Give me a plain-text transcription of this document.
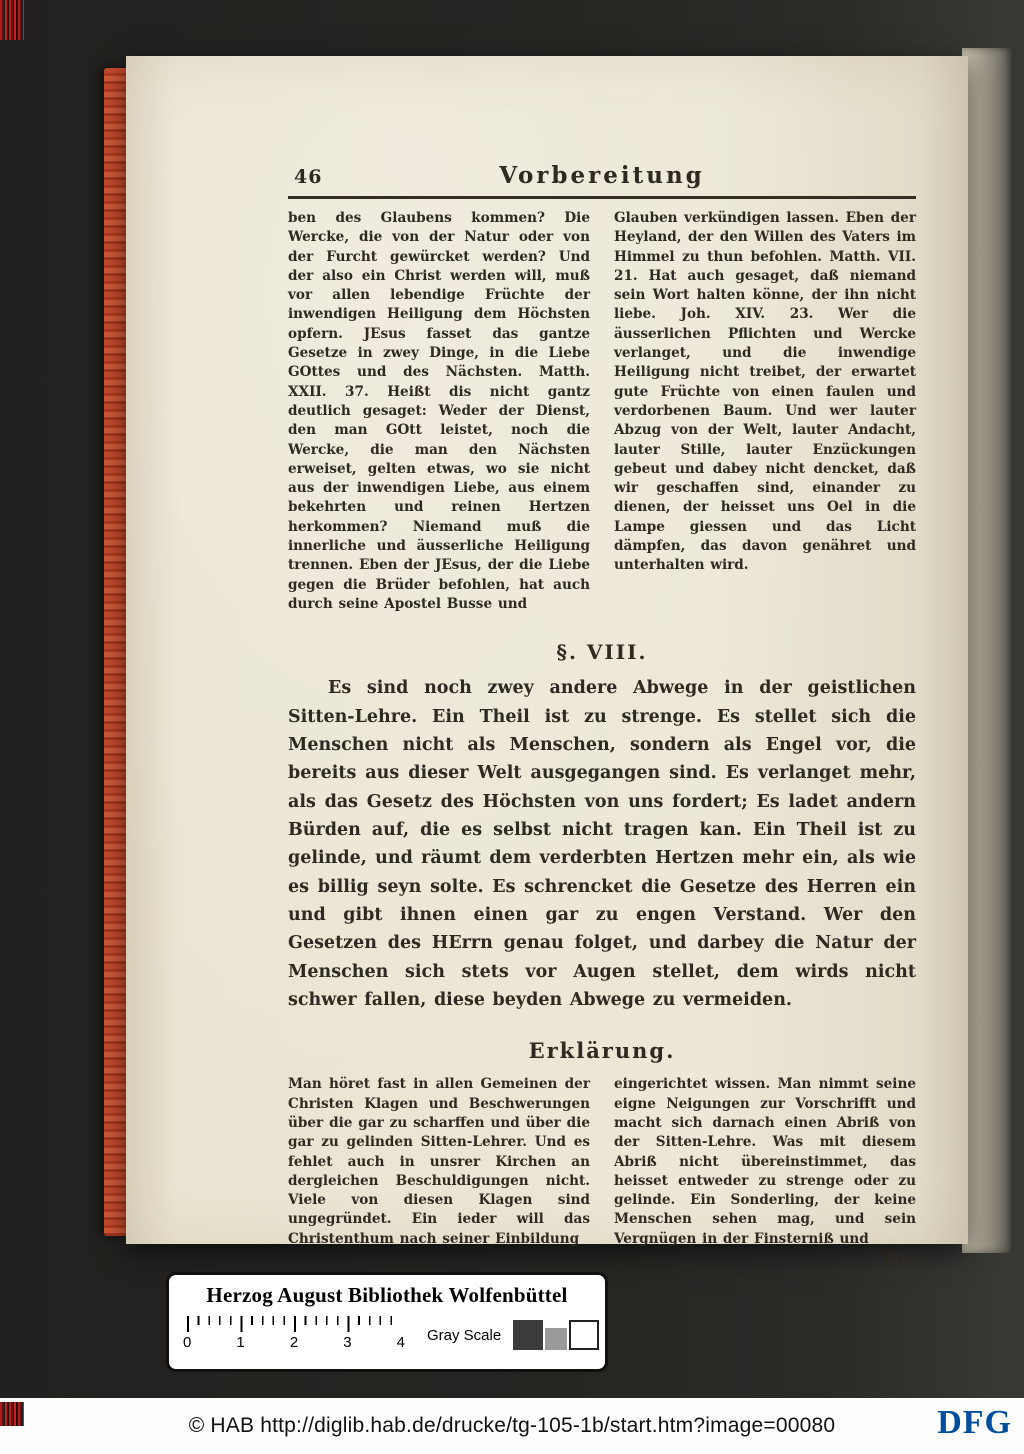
46	Vorbereitung
ben des Glaubens kommen? Die Wercke, die von der Natur oder von der Furcht gewürcket werden? Und der also ein Christ werden will, muß vor allen lebendige Früchte der inwendigen Heiligung dem Höchsten opfern. JEsus fasset das gantze Gesetze in zwey Dinge, in die Liebe GOttes und des Nächsten. Matth. XXII. 37. Heißt dis nicht gantz deutlich gesaget: Weder der Dienst, den man GOtt leistet, noch die Wercke, die man den Nächsten erweiset, gelten etwas, wo sie nicht aus der inwendigen Liebe, aus einem bekehrten und reinen Hertzen herkommen? Niemand muß die innerliche und äusserliche Heiligung trennen. Eben der JEsus, der die Liebe gegen die Brüder befohlen, hat auch durch seine Apostel Busse und
Glauben verkündigen lassen. Eben der Heyland, der den Willen des Vaters im Himmel zu thun befohlen. Matth. VII. 21. Hat auch gesaget, daß niemand sein Wort halten könne, der ihn nicht liebe. Joh. XIV. 23. Wer die äusserlichen Pflichten und Wercke verlanget, und die inwendige Heiligung nicht treibet, der erwartet gute Früchte von einen faulen und verdorbenen Baum. Und wer lauter Abzug von der Welt, lauter Andacht, lauter Stille, lauter Enzückungen gebeut und dabey nicht dencket, daß wir geschaffen sind, einander zu dienen, der heisset uns Oel in die Lampe giessen und das Licht dämpfen, das davon genähret und unterhalten wird.
§. VIII.
Es sind noch zwey andere Abwege in der geistlichen Sitten-Lehre. Ein Theil ist zu strenge. Es stellet sich die Menschen nicht als Menschen, sondern als Engel vor, die bereits aus dieser Welt ausgegangen sind. Es verlanget mehr, als das Gesetz des Höchsten von uns fordert; Es ladet andern Bürden auf, die es selbst nicht tragen kan. Ein Theil ist zu gelinde, und räumt dem verderbten Hertzen mehr ein, als wie es billig seyn solte. Es schrencket die Gesetze des Herren ein und gibt ihnen einen gar zu engen Verstand. Wer den Gesetzen des HErrn genau folget, und darbey die Natur der Menschen sich stets vor Augen stellet, dem wirds nicht schwer fallen, diese beyden Abwege zu vermeiden.
Erklärung.
Man höret fast in allen Gemeinen der Christen Klagen und Beschwerungen über die gar zu scharffen und über die gar zu gelinden Sitten-Lehrer. Und es fehlet auch in unsrer Kirchen an dergleichen Beschuldigungen nicht. Viele von diesen Klagen sind ungegründet. Ein ieder will das Christenthum nach seiner Einbildung
eingerichtet wissen. Man nimmt seine eigne Neigungen zur Vorschrifft und macht sich darnach einen Abriß von der Sitten-Lehre. Was mit diesem Abriß nicht übereinstimmet, das heisset entweder zu strenge oder zu gelinde. Ein Sonderling, der keine Menschen sehen mag, und sein Vergnügen in der Finsterniß und
Ein-
Herzog August Bibliothek Wolfenbüttel
0	1	2	3	4 Gray Scale
© HAB http://diglib.hab.de/drucke/tg-105-1b/start.htm?image=00080	DFG
